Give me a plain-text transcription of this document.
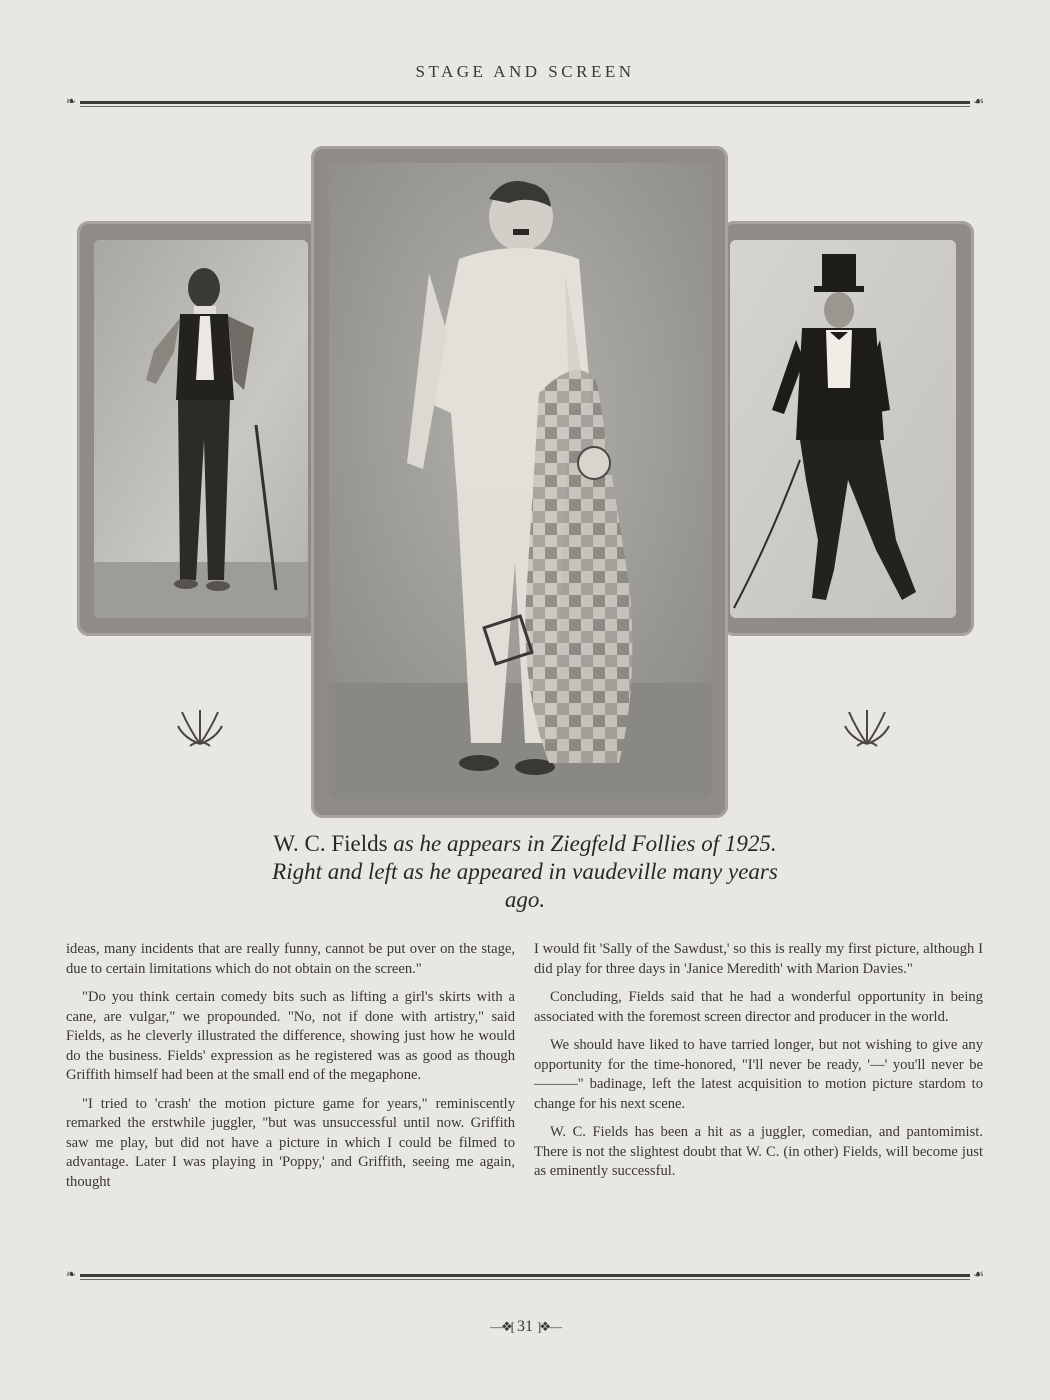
STAGE AND SCREEN
❧	☙
W. C. Fields as he appears in Ziegfeld Follies of 1925. Right and left as he appeared in vaudeville many years ago.

ideas, many incidents that are really funny, cannot be put over on the stage, due to certain limitations which do not obtain on the screen."

"Do you think certain comedy bits such as lifting a girl's skirts with a cane, are vulgar," we propounded. "No, not if done with artistry," said Fields, as he cleverly illustrated the difference, showing just how he would do the business. Fields' expression as he registered was as good as though Griffith himself had been at the small end of the megaphone.

"I tried to 'crash' the motion picture game for years," reminiscently remarked the erstwhile juggler, "but was unsuccessful until now. Griffith saw me play, but did not have a picture in which I could be filmed to advantage. Later I was playing in 'Poppy,' and Griffith, seeing me again, thought

I would fit 'Sally of the Sawdust,' so this is really my first picture, although I did play for three days in 'Janice Meredith' with Marion Davies."

Concluding, Fields said that he had a wonderful opportunity in being associated with the foremost screen director and producer in the world.

We should have liked to have tarried longer, but not wishing to give any opportunity for the time-honored, "I'll never be ready, '—' you'll never be ———" badinage, left the latest acquisition to motion picture stardom to change for his next scene.

W. C. Fields has been a hit as a juggler, comedian, and pantomimist. There is not the slightest doubt that W. C. (in other) Fields, will become just as eminently successful.

❧	☙
—❖[ 31 ]❖—
